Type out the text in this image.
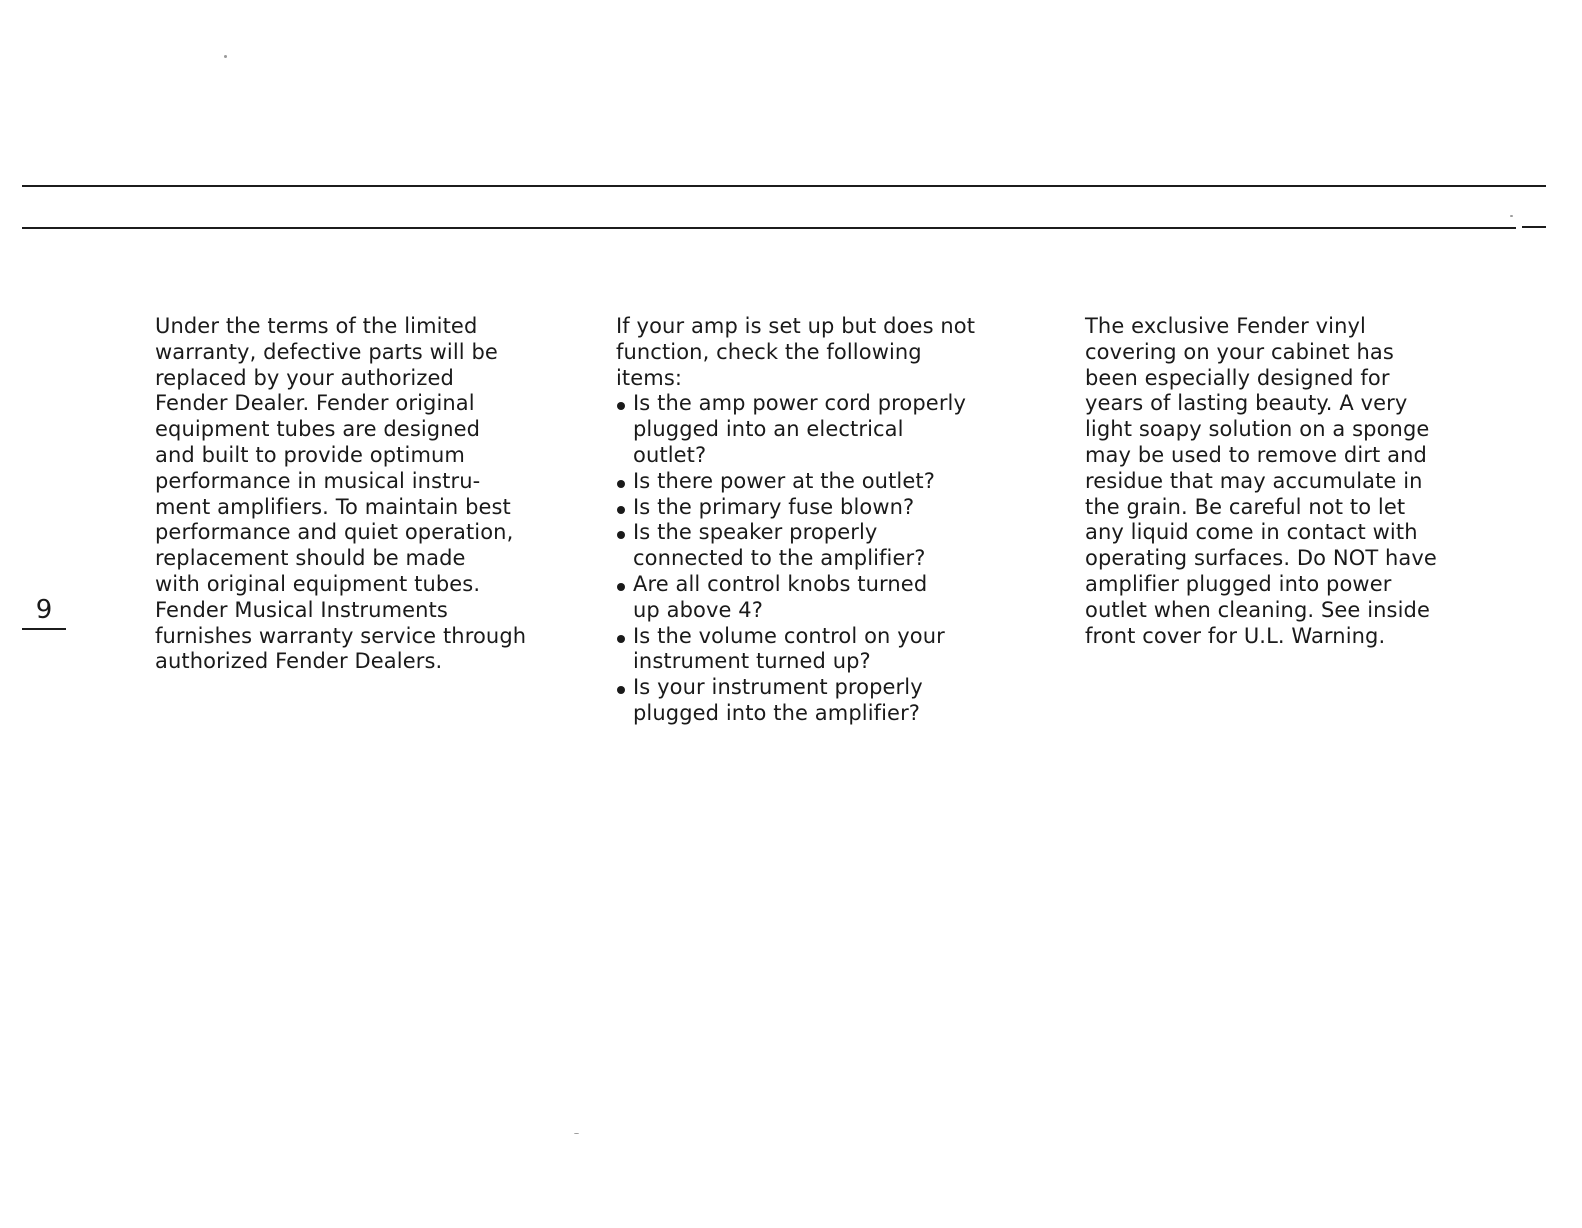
9
Under the terms of the limited
warranty, defective parts will be
replaced by your authorized
Fender Dealer. Fender original
equipment tubes are designed
and built to provide optimum
performance in musical instru-
ment amplifiers. To maintain best
performance and quiet operation,
replacement should be made
with original equipment tubes.
Fender Musical Instruments
furnishes warranty service through
authorized Fender Dealers.
If your amp is set up but does not
function, check the following
items:
Is the amp power cord properly
plugged into an electrical
outlet?
Is there power at the outlet?
Is the primary fuse blown?
Is the speaker properly
connected to the amplifier?
Are all control knobs turned
up above 4?
Is the volume control on your
instrument turned up?
Is your instrument properly
plugged into the amplifier?
The exclusive Fender vinyl
covering on your cabinet has
been especially designed for
years of lasting beauty. A very
light soapy solution on a sponge
may be used to remove dirt and
residue that may accumulate in
the grain. Be careful not to let
any liquid come in contact with
operating surfaces. Do NOT have
amplifier plugged into power
outlet when cleaning. See inside
front cover for U.L. Warning.
